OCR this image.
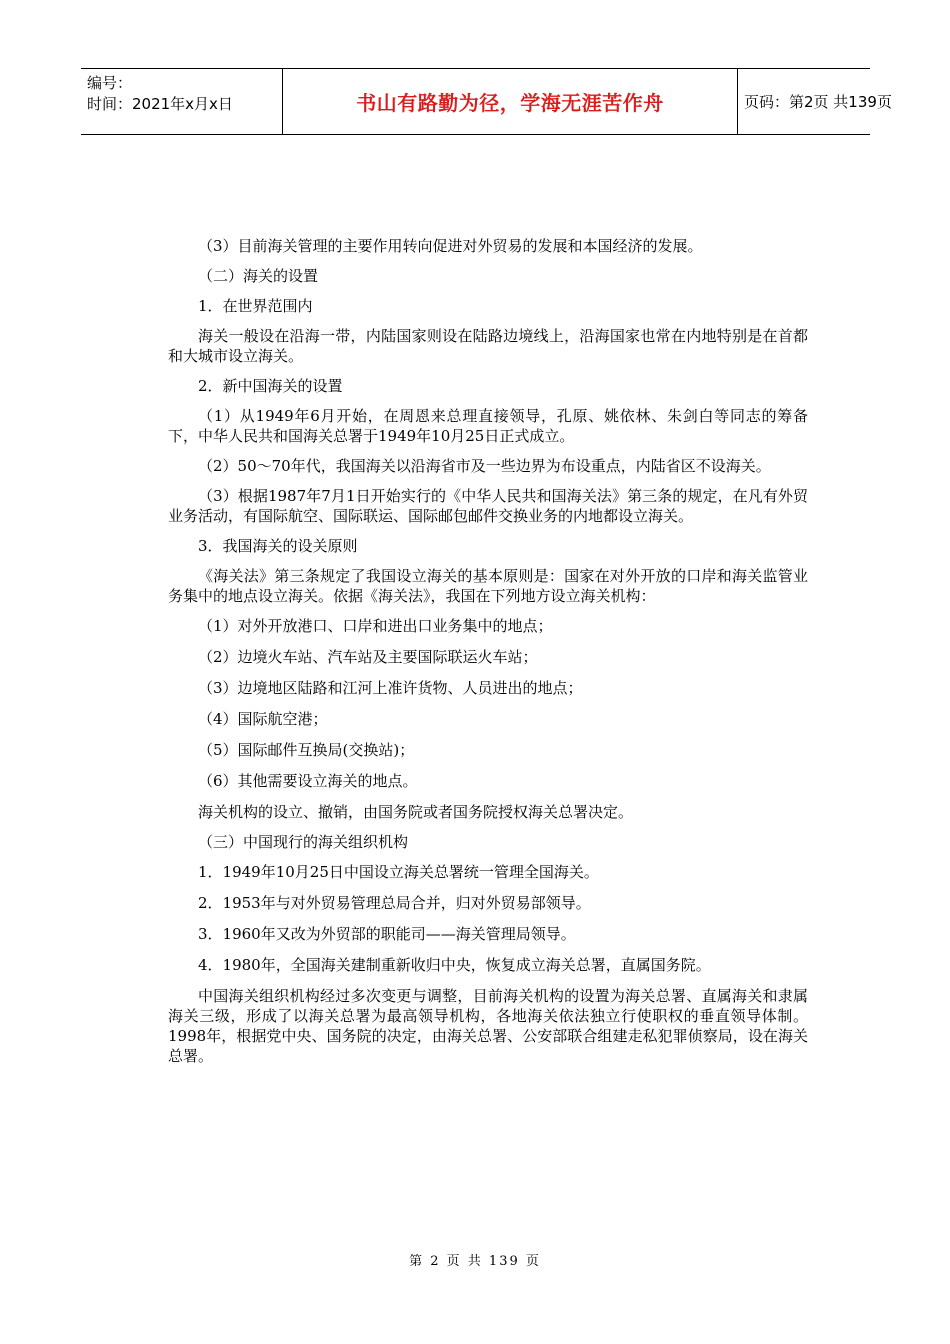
编号：
时间：2021年x月x日	书山有路勤为径，学海无涯苦作舟	页码：第2页 共139页

（3）目前海关管理的主要作用转向促进对外贸易的发展和本国经济的发展。

（二）海关的设置

1．在世界范围内

海关一般设在沿海一带，内陆国家则设在陆路边境线上，沿海国家也常在内地特别是在首都和大城市设立海关。

2．新中国海关的设置

（1）从1949年6月开始，在周恩来总理直接领导，孔原、姚依林、朱剑白等同志的筹备下，中华人民共和国海关总署于1949年10月25日正式成立。

（2）50～70年代，我国海关以沿海省市及一些边界为布设重点，内陆省区不设海关。

（3）根据1987年7月1日开始实行的《中华人民共和国海关法》第三条的规定，在凡有外贸业务活动，有国际航空、国际联运、国际邮包邮件交换业务的内地都设立海关。

3．我国海关的设关原则

《海关法》第三条规定了我国设立海关的基本原则是：国家在对外开放的口岸和海关监管业务集中的地点设立海关。依据《海关法》，我国在下列地方设立海关机构：

（1）对外开放港口、口岸和进出口业务集中的地点；

（2）边境火车站、汽车站及主要国际联运火车站；

（3）边境地区陆路和江河上准许货物、人员进出的地点；

（4）国际航空港；

（5）国际邮件互换局(交换站)；

（6）其他需要设立海关的地点。

海关机构的设立、撤销，由国务院或者国务院授权海关总署决定。

（三）中国现行的海关组织机构

1．1949年10月25日中国设立海关总署统一管理全国海关。

2．1953年与对外贸易管理总局合并，归对外贸易部领导。

3．1960年又改为外贸部的职能司——海关管理局领导。

4．1980年，全国海关建制重新收归中央，恢复成立海关总署，直属国务院。

中国海关组织机构经过多次变更与调整，目前海关机构的设置为海关总署、直属海关和隶属海关三级，形成了以海关总署为最高领导机构，各地海关依法独立行使职权的垂直领导体制。1998年，根据党中央、国务院的决定，由海关总署、公安部联合组建走私犯罪侦察局，设在海关总署。

第 2 页 共 139 页
